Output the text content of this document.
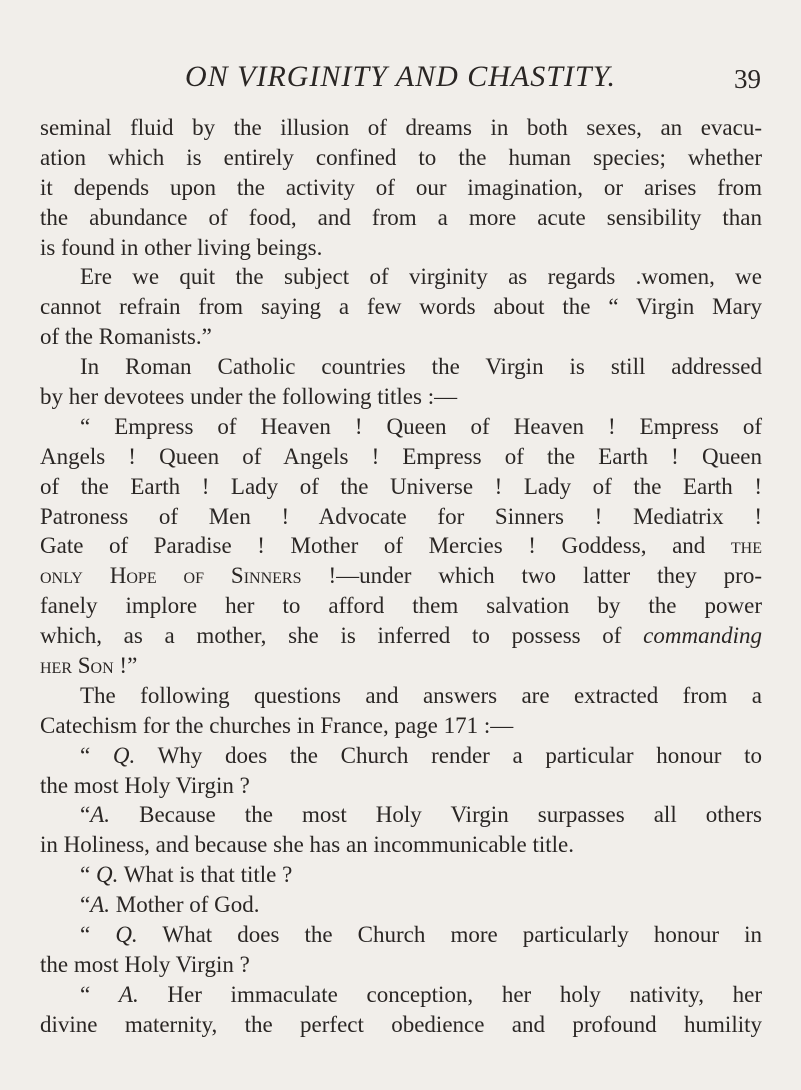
ON VIRGINITY AND CHASTITY.	39
seminal fluid by the illusion of dreams in both sexes, an evacu-
ation which is entirely confined to the human species; whether
it depends upon the activity of our imagination, or arises from
the abundance of food, and from a more acute sensibility than
is found in other living beings.
Ere we quit the subject of virginity as regards .women, we
cannot refrain from saying a few words about the “ Virgin Mary
of the Romanists.”
In Roman Catholic countries the Virgin is still addressed
by her devotees under the following titles :—
“ Empress of Heaven ! Queen of Heaven ! Empress of
Angels ! Queen of Angels ! Empress of the Earth ! Queen
of the Earth ! Lady of the Universe ! Lady of the Earth !
Patroness of Men ! Advocate for Sinners ! Mediatrix !
Gate of Paradise ! Mother of Mercies ! Goddess, and the
only Hope of Sinners !—under which two latter they pro-
fanely implore her to afford them salvation by the power
which, as a mother, she is inferred to possess of commanding
her Son !”
The following questions and answers are extracted from a
Catechism for the churches in France, page 171 :—
“ Q. Why does the Church render a particular honour to
the most Holy Virgin ?
“A. Because the most Holy Virgin surpasses all others
in Holiness, and because she has an incommunicable title.
“ Q. What is that title ?
“A. Mother of God.
“ Q. What does the Church more particularly honour in
the most Holy Virgin ?
“ A. Her immaculate conception, her holy nativity, her
divine maternity, the perfect obedience and profound humility
